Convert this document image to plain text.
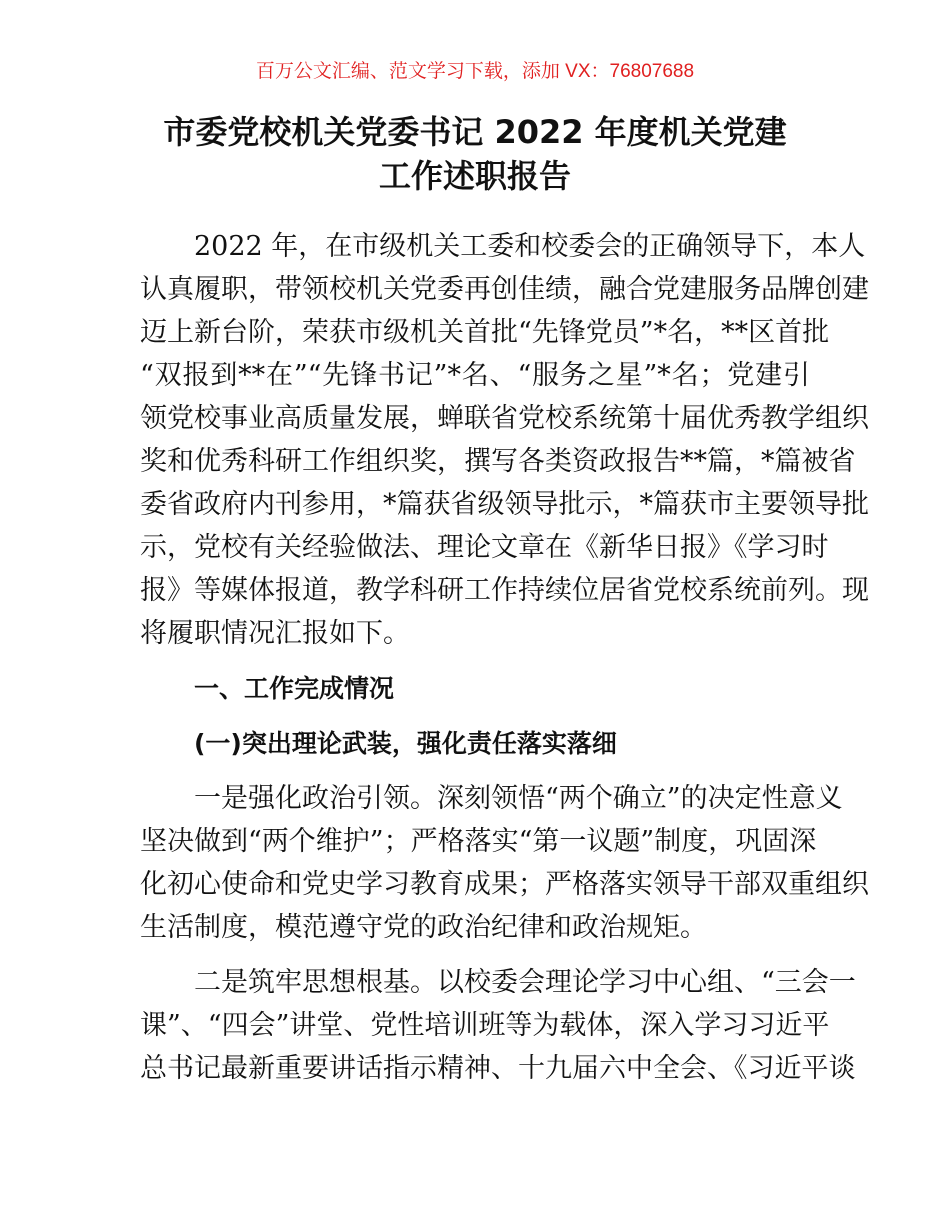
百万公文汇编、范文学习下载，添加 VX：76807688
市委党校机关党委书记 2022 年度机关党建
工作述职报告
2022 年，在市级机关工委和校委会的正确领导下，本人
认真履职，带领校机关党委再创佳绩，融合党建服务品牌创建
迈上新台阶，荣获市级机关首批“先锋党员”*名，**区首批
“双报到**在”“先锋书记”*名、“服务之星”*名；党建引
领党校事业高质量发展，蝉联省党校系统第十届优秀教学组织
奖和优秀科研工作组织奖，撰写各类资政报告**篇，*篇被省
委省政府内刊参用，*篇获省级领导批示，*篇获市主要领导批
示，党校有关经验做法、理论文章在《新华日报》《学习时
报》等媒体报道，教学科研工作持续位居省党校系统前列。现
将履职情况汇报如下。
一、工作完成情况
(一)突出理论武装，强化责任落实落细
一是强化政治引领。深刻领悟“两个确立”的决定性意义
坚决做到“两个维护”；严格落实“第一议题”制度，巩固深
化初心使命和党史学习教育成果；严格落实领导干部双重组织
生活制度，模范遵守党的政治纪律和政治规矩。
二是筑牢思想根基。以校委会理论学习中心组、“三会一
课”、“四会”讲堂、党性培训班等为载体，深入学习习近平
总书记最新重要讲话指示精神、十九届六中全会、《习近平谈
